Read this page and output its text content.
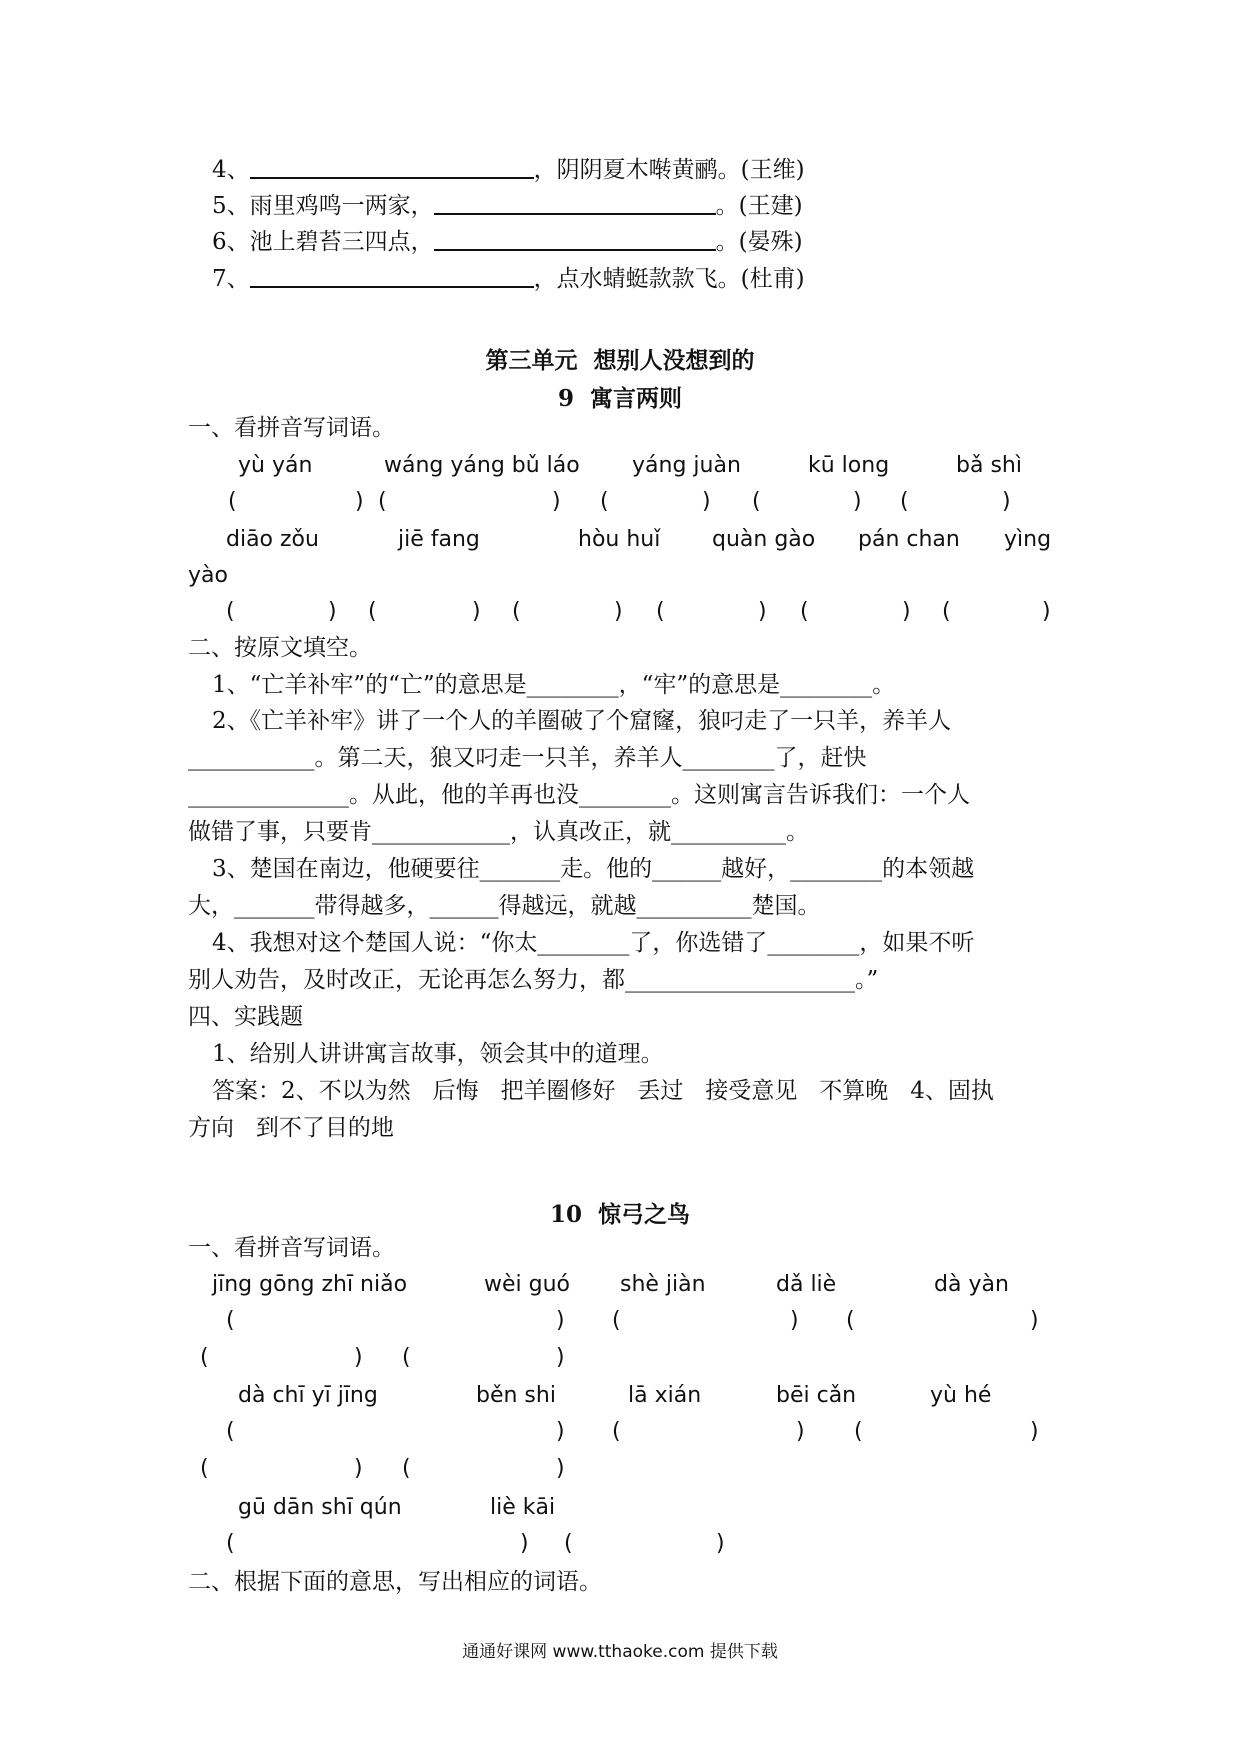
4、	，阴阴夏木啭黄鹂。(王维)
5、雨里鸡鸣一两家，	。(王建)
6、池上碧苔三四点，	。(晏殊)
7、	，点水蜻蜓款款飞。(杜甫)
第三单元  想别人没想到的
9  寓言两则
一、看拼音写词语。
yù yán	wáng yáng bǔ láo yáng juàn	kū long	bǎ shì
(	) (	) (	) (	) (	)
diāo zǒu	jiē fang	hòu huǐ quàn gào pán chan yìng
yào
(	) (	) (	) (	) (	) (	)
二、按原文填空。
1、“亡羊补牢”的“亡”的意思是________，“牢”的意思是________。
2、《亡羊补牢》讲了一个人的羊圈破了个窟窿，狼叼走了一只羊，养羊人
___________。第二天，狼又叼走一只羊，养羊人________了，赶快
______________。从此，他的羊再也没________。这则寓言告诉我们：一个人
做错了事，只要肯____________，认真改正，就__________。
3、楚国在南边，他硬要往_______走。他的______越好，________的本领越
大，_______带得越多，______得越远，就越__________楚国。
4、我想对这个楚国人说：“你太________了，你选错了________，如果不听
别人劝告，及时改正，无论再怎么努力，都____________________。”
四、实践题
1、给别人讲讲寓言故事，领会其中的道理。
答案：2、不以为然   后悔   把羊圈修好   丢过   接受意见   不算晚   4、固执
方向   到不了目的地
10  惊弓之鸟
一、看拼音写词语。
jīng gōng zhī niǎo	wèi guó shè jiàn	dǎ liè	dà yàn
(	) (	) (	)
(	) (	)
dà chī yī jīng	běn shi	lā xián	bēi cǎn	yù hé
(	) (	) (	)
(	) (	)
gū dān shī qún	liè kāi
(	) (	)
二、根据下面的意思，写出相应的词语。
通通好课网 www.tthaoke.com 提供下载
